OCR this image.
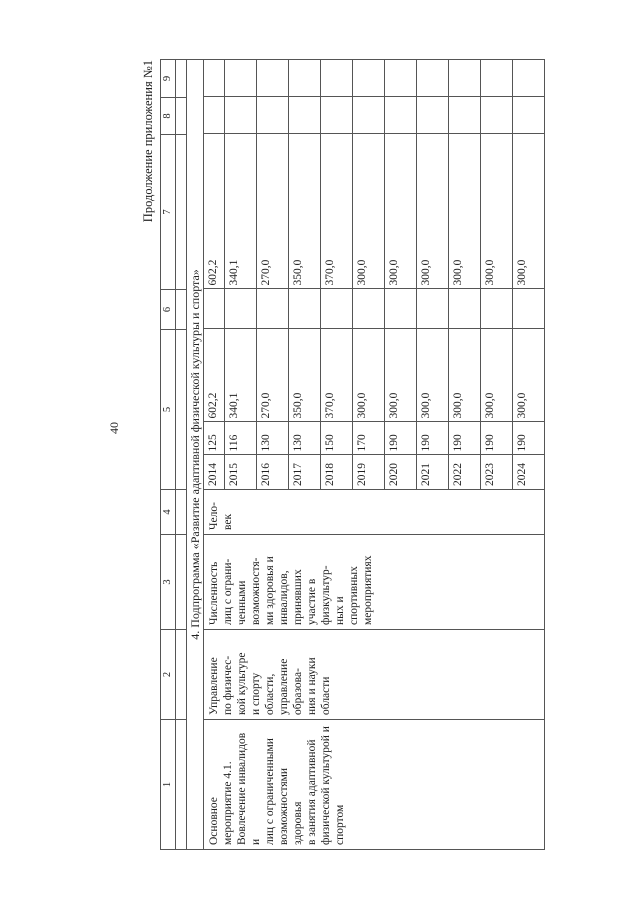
40
Продолжение приложения №1
1	2	3	4	5	6	7	8	9

4. Подпрограмма «Развитие адаптивной физической культуры и спорта»
Основное
мероприятие 4.1.
Вовлечение инвалидов и
лиц с ограниченными
возможностями здоровья
в занятия адаптивной
физической культурой и
спортом	Управление
по физичес-
кой культуре
и спорту
области,
управление
образова-
ния и науки
области	Численность
лиц с ограни-
ченными
возможностя-
ми здоровья и
инвалидов,
принявших
участие в
физкультур-
ных и
спортивных
мероприятиях	Чело-
век	
2014	125	602,2		602,2		
2015	116	340,1		340,1		
2016	130	270,0		270,0		
2017	130	350,0		350,0		
2018	150	370,0		370,0		
2019	170	300,0		300,0		
2020	190	300,0		300,0		
2021	190	300,0		300,0		
2022	190	300,0		300,0		
2023	190	300,0		300,0		
2024	190	300,0		300,0		
